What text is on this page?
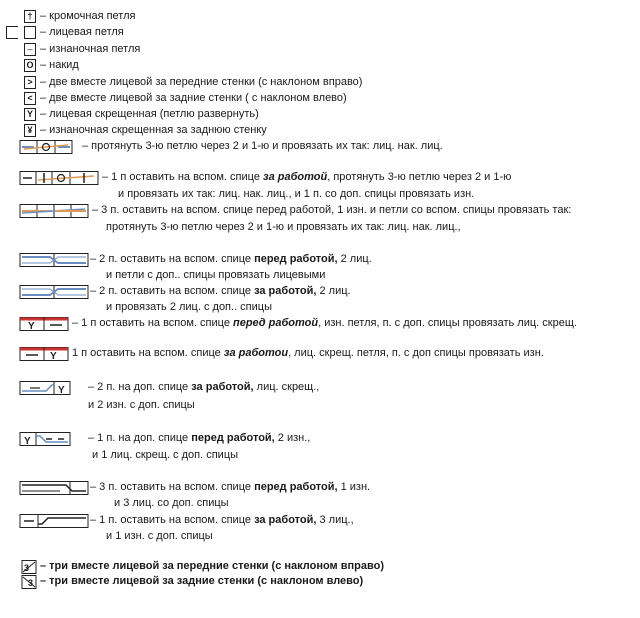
† – кромочная петля
– лицевая петля
– – изнаночная петля
O – накид
> – две вместе лицевой за передние стенки (с наклоном вправо)
< – две вместе лицевой за задние стенки ( с наклоном влево)
Y – лицевая скрещенная (петлю развернуть)
¥ – изнаночная скрещенная за заднюю стенку
– протянуть 3-ю петлю через 2 и 1-ю и провязать их так: лиц. нак. лиц.
– 1 п оставить на вспом. спице за работой, протянуть 3-ю петлю через 2 и 1-ю
и провязать их так: лиц. нак. лиц., и 1 п. со доп. спицы провязать изн.
– 3 п. оставить на вспом. спице перед работой, 1 изн. и петли со вспом. спицы провязать так:
протянуть 3-ю петлю через 2 и 1-ю и провязать их так: лиц. нак. лиц.,
– 2 п. оставить на вспом. спице перед работой, 2 лиц.
и петли с доп.. спицы провязать лицевыми
– 2 п. оставить на вспом. спице за работой, 2 лиц.
и провязать 2 лиц. с доп.. спицы
Y	– 1 п оставить на вспом. спице перед работой, изн. петля, п. с доп. спицы провязать лиц. скрещ.
Y 1 п оставить на вспом. спице за работои, лиц. скрещ. петля, п. с доп спицы провязать изн.
Y – 2 п. на доп. спице за работой, лиц. скрещ.,
и 2 изн. с доп. спицы
Y	– 1 п. на доп. спице перед работой, 2 изн.,
и 1 лиц. скрещ. с доп. спицы
– 3 п. оставить на вспом. спице перед работой, 1 изн.
и 3 лиц. со доп. спицы
– 1 п. оставить на вспом. спице за работой, 3 лиц.,
и 1 изн. с доп. спицы
3 – три вместе лицевой за передние стенки (с наклоном вправо)
3 – три вместе лицевой за задние стенки (с наклоном влево)
